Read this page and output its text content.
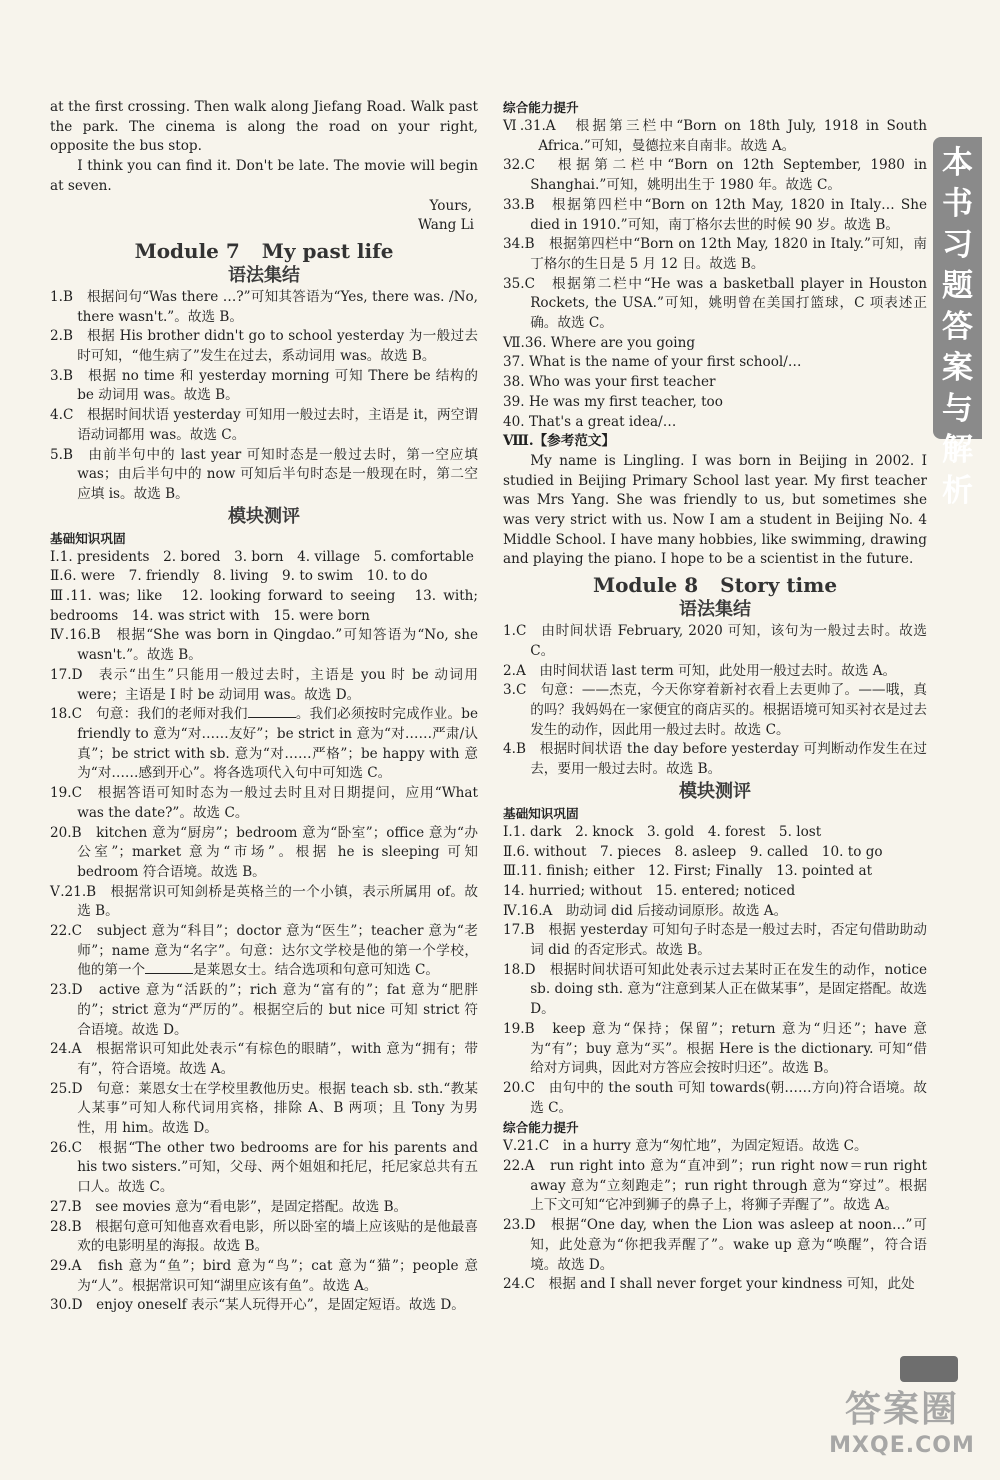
at the first crossing. Then walk along Jiefang Road. Walk past the park. The cinema is along the road on your right, opposite the bus stop.

I think you can find it. Don't be late. The movie will begin at seven.

Yours,

Wang Li

Module 7 My past life
语法集结

1.B　根据问句“Was there …?”可知其答语为“Yes, there was. /No, there wasn't.”。故选 B。

2.B　根据 His brother didn't go to school yesterday 为一般过去时可知，“他生病了”发生在过去，系动词用 was。故选 B。

3.B　根据 no time 和 yesterday morning 可知 There be 结构的 be 动词用 was。故选 B。

4.C　根据时间状语 yesterday 可知用一般过去时，主语是 it，两空谓语动词都用 was。故选 C。

5.B　由前半句中的 last year 可知时态是一般过去时，第一空应填 was；由后半句中的 now 可知后半句时态是一般现在时，第二空应填 is。故选 B。

模块测评
基础知识巩固

Ⅰ.1. presidents　2. bored　3. born　4. village　5. comfortable

Ⅱ.6. were　7. friendly　8. living　9. to swim　10. to do

Ⅲ.11. was; like　12. looking forward to seeing　13. with; bedrooms　14. was strict with　15. were born

Ⅳ.16.B　根据“She was born in Qingdao.”可知答语为“No, she wasn't.”。故选 B。

17.D　表示“出生”只能用一般过去时，主语是 you 时 be 动词用 were；主语是 I 时 be 动词用 was。故选 D。

18.C　句意：我们的老师对我们	。我们必须按时完成作业。be friendly to 意为“对……友好”；be strict in 意为“对……严肃/认真”；be strict with sb. 意为“对……严格”；be happy with 意为“对……感到开心”。将各选项代入句中可知选 C。

19.C　根据答语可知时态为一般过去时且对日期提问，应用“What was the date?”。故选 C。

20.B　kitchen 意为“厨房”；bedroom 意为“卧室”；office 意为“办公室”；market 意为“市场”。根据 he is sleeping 可知 bedroom 符合语境。故选 B。

Ⅴ.21.B　根据常识可知剑桥是英格兰的一个小镇，表示所属用 of。故选 B。

22.C　subject 意为“科目”；doctor 意为“医生”；teacher 意为“老师”；name 意为“名字”。句意：达尔文学校是他的第一个学校，他的第一个	是莱恩女士。结合选项和句意可知选 C。

23.D　active 意为“活跃的”；rich 意为“富有的”；fat 意为“肥胖的”；strict 意为“严厉的”。根据空后的 but nice 可知 strict 符合语境。故选 D。

24.A　根据常识可知此处表示“有棕色的眼睛”，with 意为“拥有；带有”，符合语境。故选 A。

25.D　句意：莱恩女士在学校里教他历史。根据 teach sb. sth.“教某人某事”可知人称代词用宾格，排除 A、B 两项；且 Tony 为男性，用 him。故选 D。

26.C　根据“The other two bedrooms are for his parents and his two sisters.”可知，父母、两个姐姐和托尼，托尼家总共有五口人。故选 C。

27.B　see movies 意为“看电影”，是固定搭配。故选 B。

28.B　根据句意可知他喜欢看电影，所以卧室的墙上应该贴的是他最喜欢的电影明星的海报。故选 B。

29.A　fish 意为“鱼”；bird 意为“鸟”；cat 意为“猫”；people 意为“人”。根据常识可知“湖里应该有鱼”。故选 A。

30.D　enjoy oneself 表示“某人玩得开心”，是固定短语。故选 D。

综合能力提升

Ⅵ.31.A　根据第三栏中“Born on 18th July, 1918 in South Africa.”可知，曼德拉来自南非。故选 A。

32.C　根据第二栏中“Born on 12th September, 1980 in Shanghai.”可知，姚明出生于 1980 年。故选 C。

33.B　根据第四栏中“Born on 12th May, 1820 in Italy… She died in 1910.”可知，南丁格尔去世的时候 90 岁。故选 B。

34.B　根据第四栏中“Born on 12th May, 1820 in Italy.”可知，南丁格尔的生日是 5 月 12 日。故选 B。

35.C　根据第二栏中“He was a basketball player in Houston Rockets, the USA.”可知，姚明曾在美国打篮球，C 项表述正确。故选 C。

Ⅶ.36. Where are you going

37. What is the name of your first school/…

38. Who was your first teacher

39. He was my first teacher, too

40. That's a great idea/…

Ⅷ.【参考范文】

My name is Lingling. I was born in Beijing in 2002. I studied in Beijing Primary School last year. My first teacher was Mrs Yang. She was friendly to us, but sometimes she was very strict with us. Now I am a student in Beijing No. 4 Middle School. I have many hobbies, like swimming, drawing and playing the piano. I hope to be a scientist in the future.

Module 8 Story time
语法集结

1.C　由时间状语 February, 2020 可知，该句为一般过去时。故选 C。

2.A　由时间状语 last term 可知，此处用一般过去时。故选 A。

3.C　句意：——杰克，今天你穿着新衬衣看上去更帅了。——哦，真的吗？我妈妈在一家便宜的商店买的。根据语境可知买衬衣是过去发生的动作，因此用一般过去时。故选 C。

4.B　根据时间状语 the day before yesterday 可判断动作发生在过去，要用一般过去时。故选 B。

模块测评
基础知识巩固

Ⅰ.1. dark　2. knock　3. gold　4. forest　5. lost

Ⅱ.6. without　7. pieces　8. asleep　9. called　10. to go

Ⅲ.11. finish; either　12. First; Finally　13. pointed at

14. hurried; without　15. entered; noticed

Ⅳ.16.A　助动词 did 后接动词原形。故选 A。

17.B　根据 yesterday 可知句子时态是一般过去时，否定句借助助动词 did 的否定形式。故选 B。

18.D　根据时间状语可知此处表示过去某时正在发生的动作，notice sb. doing sth. 意为“注意到某人正在做某事”，是固定搭配。故选 D。

19.B　keep 意为“保持；保留”；return 意为“归还”；have 意为“有”；buy 意为“买”。根据 Here is the dictionary. 可知“借给对方词典，因此对方答应会按时归还”。故选 B。

20.C　由句中的 the south 可知 towards(朝……方向)符合语境。故选 C。

综合能力提升

Ⅴ.21.C　in a hurry 意为“匆忙地”，为固定短语。故选 C。

22.A　run right into 意为“直冲到”；run right now＝run right away 意为“立刻跑走”；run right through 意为“穿过”。根据上下文可知“它冲到狮子的鼻子上，将狮子弄醒了”。故选 A。

23.D　根据“One day, when the Lion was asleep at noon…”可知，此处意为“你把我弄醒了”。wake up 意为“唤醒”，符合语境。故选 D。

24.C　根据 and I shall never forget your kindness 可知，此处

本
书
习
题
答
案
与
解
析
答案圈
MXQE.COM
